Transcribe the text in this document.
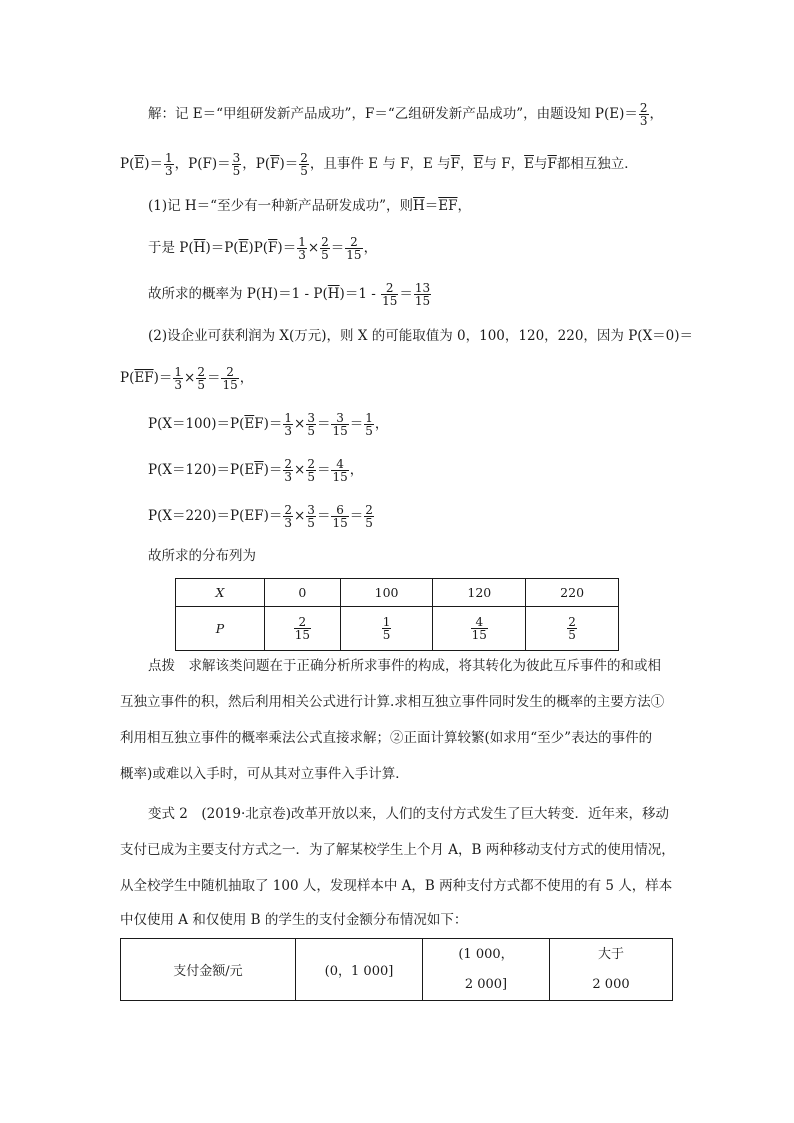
解：记 E＝“甲组研发新产品成功”，F＝“乙组研发新产品成功”，由题设知 $P(E)= \frac{2}{3}$ ，
$P(\overline{E})= \frac{1}{3}$ ，$P(F)= \frac{3}{5}$ ，$P(\overline{F})= \frac{2}{5}$ ，且事件 E 与 F，E 与$\overline{F}$，$\overline{E}$与 F，$\overline{E}$与$\overline{F}$都相互独立．
(1)记 H＝“至少有一种新产品研发成功”，则$\overline{H}=\overline{EF}$，
于是 $P(\overline{H})=P(\overline{E})P(\overline{F})= \frac{1}{3} \times \frac{2}{5} = \frac{2}{15}$ ，
故所求的概率为 $P(H)=1 - P(\overline{H})=1 - \frac{2}{15} = \frac{13}{15}$
(2)设企业可获利润为 X(万元)，则 X 的可能取值为 0，100，120，220，因为 P(X＝0)＝
$P(\overline{EF})= \frac{1}{3} \times \frac{2}{5} = \frac{2}{15}$ ，
$P(X=100)=P(\overline{E}F)= \frac{1}{3} \times \frac{3}{5} = \frac{3}{15} = \frac{1}{5}$ ，
$P(X=120)=P(E\overline{F})= \frac{2}{3} \times \frac{2}{5} = \frac{4}{15}$ ，
$P(X=220)=P(EF)= \frac{2}{3} \times \frac{3}{5} = \frac{6}{15} = \frac{2}{5}$
故所求的分布列为
X	0	100	120	220
P	$\frac{2}{15}$	$\frac{1}{5}$	$\frac{4}{15}$	$\frac{2}{5}$
点拨　求解该类问题在于正确分析所求事件的构成，将其转化为彼此互斥事件的和或相
互独立事件的积，然后利用相关公式进行计算.求相互独立事件同时发生的概率的主要方法①
利用相互独立事件的概率乘法公式直接求解；②正面计算较繁(如求用“至少”表达的事件的
概率)或难以入手时，可从其对立事件入手计算．
变式 2　(2019·北京卷)改革开放以来，人们的支付方式发生了巨大转变．近年来，移动
支付已成为主要支付方式之一．为了解某校学生上个月 A，B 两种移动支付方式的使用情况，
从全校学生中随机抽取了 100 人，发现样本中 A，B 两种支付方式都不使用的有 5 人，样本
中仅使用 A 和仅使用 B 的学生的支付金额分布情况如下：
支付金额/元	(0，1 000]	(1 000，
2 000]	大于
2 000
